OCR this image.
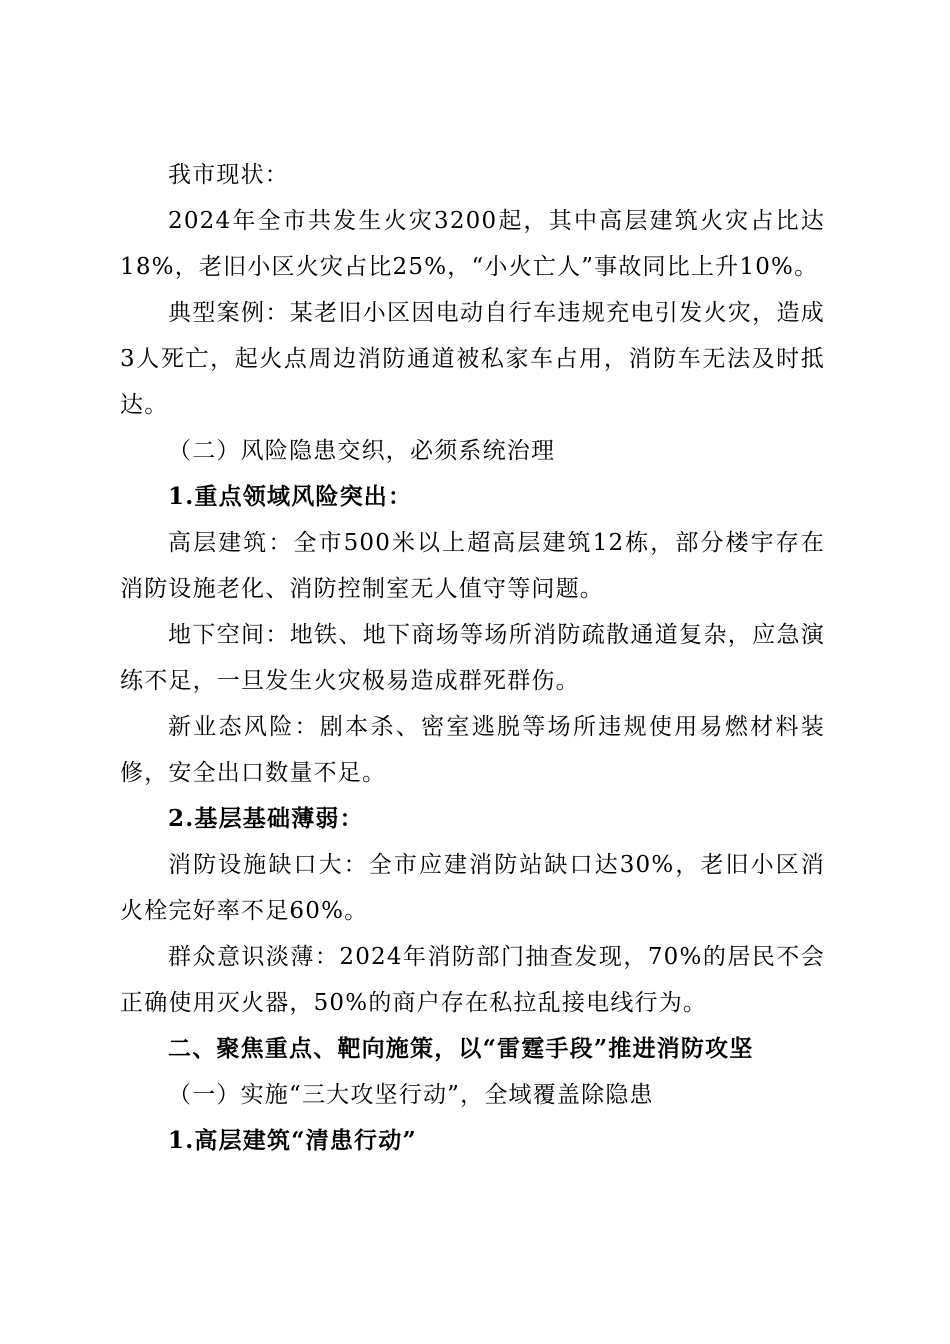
我市现状：

2024年全市共发生火灾3200起，其中高层建筑火灾占比达18%，老旧小区火灾占比25%，“小火亡人”事故同比上升10%。

典型案例：某老旧小区因电动自行车违规充电引发火灾，造成3人死亡，起火点周边消防通道被私家车占用，消防车无法及时抵达。

（二）风险隐患交织，必须系统治理

1.重点领域风险突出：

高层建筑：全市500米以上超高层建筑12栋，部分楼宇存在消防设施老化、消防控制室无人值守等问题。

地下空间：地铁、地下商场等场所消防疏散通道复杂，应急演练不足，一旦发生火灾极易造成群死群伤。

新业态风险：剧本杀、密室逃脱等场所违规使用易燃材料装修，安全出口数量不足。

2.基层基础薄弱：

消防设施缺口大：全市应建消防站缺口达30%，老旧小区消火栓完好率不足60%。

群众意识淡薄：2024年消防部门抽查发现，70%的居民不会正确使用灭火器，50%的商户存在私拉乱接电线行为。

二、聚焦重点、靶向施策，以“雷霆手段”推进消防攻坚

（一）实施“三大攻坚行动”，全域覆盖除隐患

1.高层建筑“清患行动”
